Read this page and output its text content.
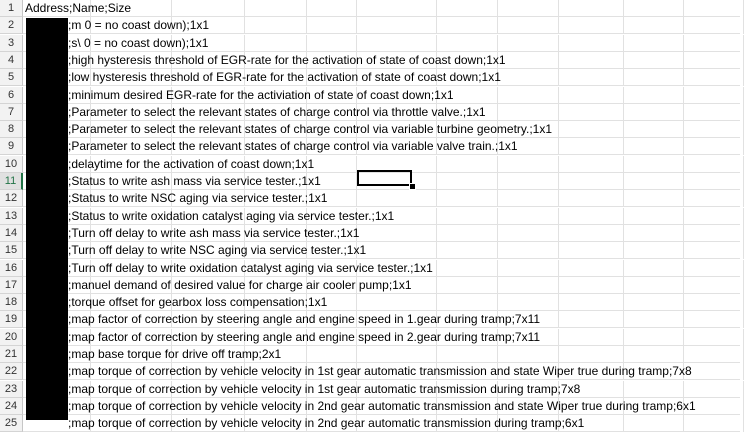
1 Address;Name;Size
2	;m 0 = no coast down);1x1
3	;s\ 0 = no coast down);1x1
4	;high hysteresis threshold of EGR-rate for the activation of state of coast down;1x1
5	;low hysteresis threshold of EGR-rate for the activation of state of coast down;1x1
6	;minimum desired EGR-rate for the activiation of state of coast down;1x1
7	;Parameter to select the relevant states of charge control via throttle valve.;1x1
8	;Parameter to select the relevant states of charge control via variable turbine geometry.;1x1
9	;Parameter to select the relevant states of charge control via variable valve train.;1x1
10	;delaytime for the activation of coast down;1x1
11	;Status to write ash mass via service tester.;1x1
12	;Status to write NSC aging via service tester.;1x1
13	;Status to write oxidation catalyst aging via service tester.;1x1
14	;Turn off delay to write ash mass via service tester.;1x1
15	;Turn off delay to write NSC aging via service tester.;1x1
16	;Turn off delay to write oxidation catalyst aging via service tester.;1x1
17	;manuel demand of desired value for charge air cooler pump;1x1
18	;torque offset for gearbox loss compensation;1x1
19	;map factor of correction by steering angle and engine speed in 1.gear during tramp;7x11
20	;map factor of correction by steering angle and engine speed in 2.gear during tramp;7x11
21	;map base torque for drive off tramp;2x1
22	;map torque of correction by vehicle velocity in 1st gear automatic transmission and state Wiper true during tramp;7x8
23	;map torque of correction by vehicle velocity in 1st gear automatic transmission during tramp;7x8
24	;map torque of correction by vehicle velocity in 2nd gear automatic transmission and state Wiper true during tramp;6x1
25	;map torque of correction by vehicle velocity in 2nd gear automatic transmission during tramp;6x1
